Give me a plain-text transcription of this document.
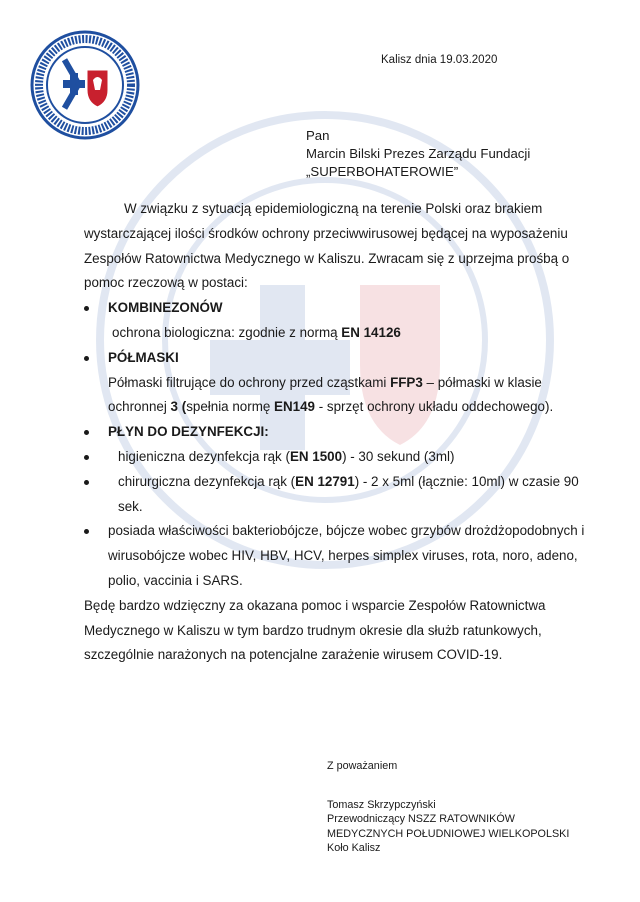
Kalisz dnia 19.03.2020
Pan
Marcin Bilski Prezes Zarządu Fundacji
„SUPERBOHATEROWIE”

W związku z sytuacją epidemiologiczną na terenie Polski oraz brakiem wystarczającej ilości środków ochrony przeciwwirusowej będącej na wyposażeniu Zespołów Ratownictwa Medycznego w Kaliszu. Zwracam się z uprzejma prośbą o pomoc rzeczową w postaci:

KOMBINEZONÓW
ochrona biologiczna: zgodnie z normą EN 14126
PÓŁMASKI
Półmaski filtrujące do ochrony przed cząstkami FFP3 – półmaski w klasie ochronnej 3 (spełnia normę EN149 - sprzęt ochrony układu oddechowego).
PŁYN DO DEZYNFEKCJI:
higieniczna dezynfekcja rąk (EN 1500) - 30 sekund (3ml)
chirurgiczna dezynfekcja rąk (EN 12791) - 2 x 5ml (łącznie: 10ml) w czasie 90 sek.
posiada właściwości bakteriobójcze, bójcze wobec grzybów drożdżopodobnych i wirusobójcze wobec HIV, HBV, HCV, herpes simplex viruses, rota, noro, adeno, polio, vaccinia i SARS.

Będę bardzo wdzięczny za okazana pomoc i wsparcie Zespołów Ratownictwa Medycznego w Kaliszu w tym bardzo trudnym okresie dla służb ratunkowych, szczególnie narażonych na potencjalne zarażenie wirusem COVID-19.

Z poważaniem
Tomasz Skrzypczyński
Przewodniczący NSZZ RATOWNIKÓW
MEDYCZNYCH POŁUDNIOWEJ WIELKOPOLSKI
Koło Kalisz
